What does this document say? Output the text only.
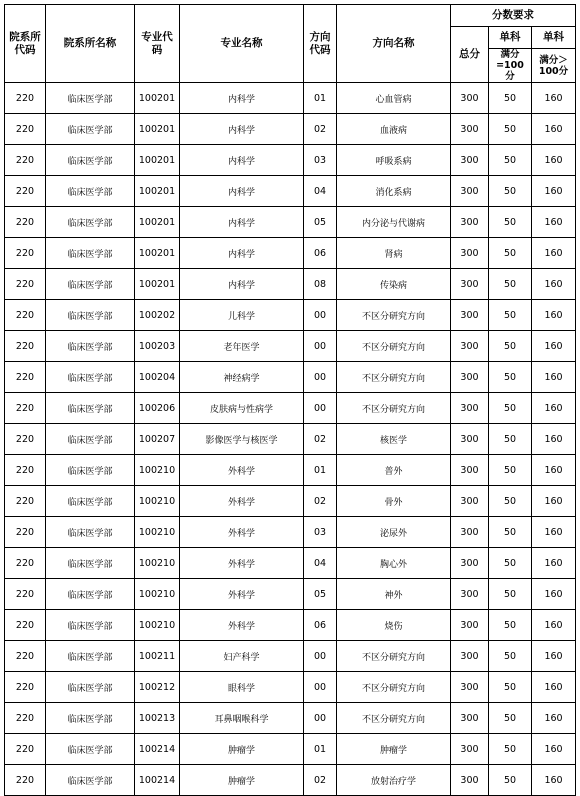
院系所代码	院系所名称	专业代码	专业名称	方向代码	方向名称	分数要求		
						总分	单科	单科
							满分=100分	满分＞100分
220	临床医学部	100201	内科学	01	心血管病	300	50	160
220	临床医学部	100201	内科学	02	血液病	300	50	160
220	临床医学部	100201	内科学	03	呼吸系病	300	50	160
220	临床医学部	100201	内科学	04	消化系病	300	50	160
220	临床医学部	100201	内科学	05	内分泌与代谢病	300	50	160
220	临床医学部	100201	内科学	06	肾病	300	50	160
220	临床医学部	100201	内科学	08	传染病	300	50	160
220	临床医学部	100202	儿科学	00	不区分研究方向	300	50	160
220	临床医学部	100203	老年医学	00	不区分研究方向	300	50	160
220	临床医学部	100204	神经病学	00	不区分研究方向	300	50	160
220	临床医学部	100206	皮肤病与性病学	00	不区分研究方向	300	50	160
220	临床医学部	100207	影像医学与核医学	02	核医学	300	50	160
220	临床医学部	100210	外科学	01	普外	300	50	160
220	临床医学部	100210	外科学	02	骨外	300	50	160
220	临床医学部	100210	外科学	03	泌尿外	300	50	160
220	临床医学部	100210	外科学	04	胸心外	300	50	160
220	临床医学部	100210	外科学	05	神外	300	50	160
220	临床医学部	100210	外科学	06	烧伤	300	50	160
220	临床医学部	100211	妇产科学	00	不区分研究方向	300	50	160
220	临床医学部	100212	眼科学	00	不区分研究方向	300	50	160
220	临床医学部	100213	耳鼻咽喉科学	00	不区分研究方向	300	50	160
220	临床医学部	100214	肿瘤学	01	肿瘤学	300	50	160
220	临床医学部	100214	肿瘤学	02	放射治疗学	300	50	160
